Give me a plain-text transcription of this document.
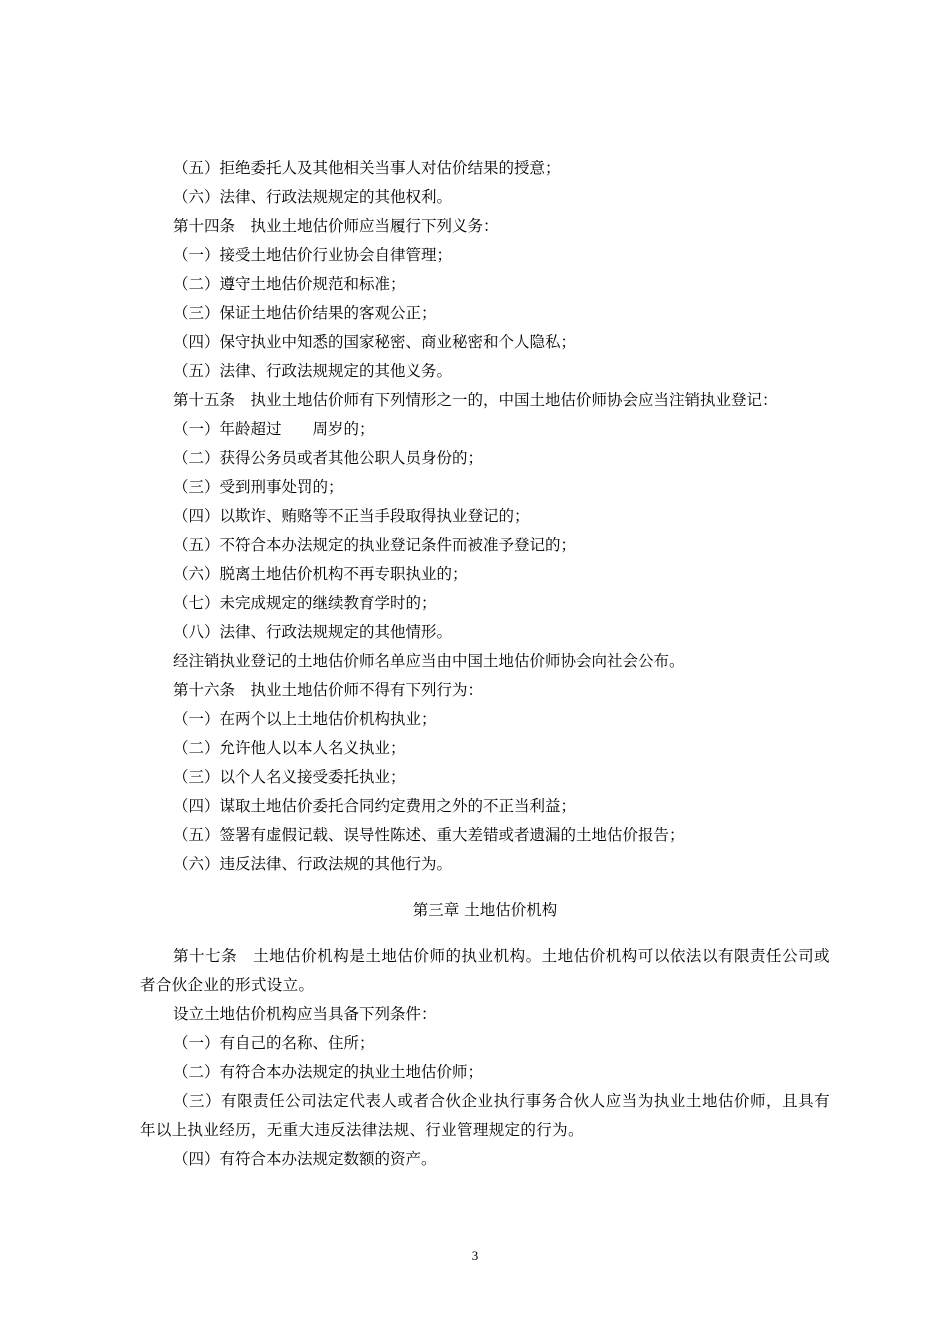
（五）拒绝委托人及其他相关当事人对估价结果的授意；
（六）法律、行政法规规定的其他权利。
第十四条　执业土地估价师应当履行下列义务：
（一）接受土地估价行业协会自律管理；
（二）遵守土地估价规范和标准；
（三）保证土地估价结果的客观公正；
（四）保守执业中知悉的国家秘密、商业秘密和个人隐私；
（五）法律、行政法规规定的其他义务。
第十五条　执业土地估价师有下列情形之一的，中国土地估价师协会应当注销执业登记：
（一）年龄超过　　周岁的；
（二）获得公务员或者其他公职人员身份的；
（三）受到刑事处罚的；
（四）以欺诈、贿赂等不正当手段取得执业登记的；
（五）不符合本办法规定的执业登记条件而被准予登记的；
（六）脱离土地估价机构不再专职执业的；
（七）未完成规定的继续教育学时的；
（八）法律、行政法规规定的其他情形。
经注销执业登记的土地估价师名单应当由中国土地估价师协会向社会公布。
第十六条　执业土地估价师不得有下列行为：
（一）在两个以上土地估价机构执业；
（二）允许他人以本人名义执业；
（三）以个人名义接受委托执业；
（四）谋取土地估价委托合同约定费用之外的不正当利益；
（五）签署有虚假记载、误导性陈述、重大差错或者遗漏的土地估价报告；
（六）违反法律、行政法规的其他行为。
第三章 土地估价机构
第十七条　土地估价机构是土地估价师的执业机构。土地估价机构可以依法以有限责任公司或者合伙企业的形式设立。
设立土地估价机构应当具备下列条件：
（一）有自己的名称、住所；
（二）有符合本办法规定的执业土地估价师；
（三）有限责任公司法定代表人或者合伙企业执行事务合伙人应当为执业土地估价师，且具有　年以上执业经历，无重大违反法律法规、行业管理规定的行为。
（四）有符合本办法规定数额的资产。
3
